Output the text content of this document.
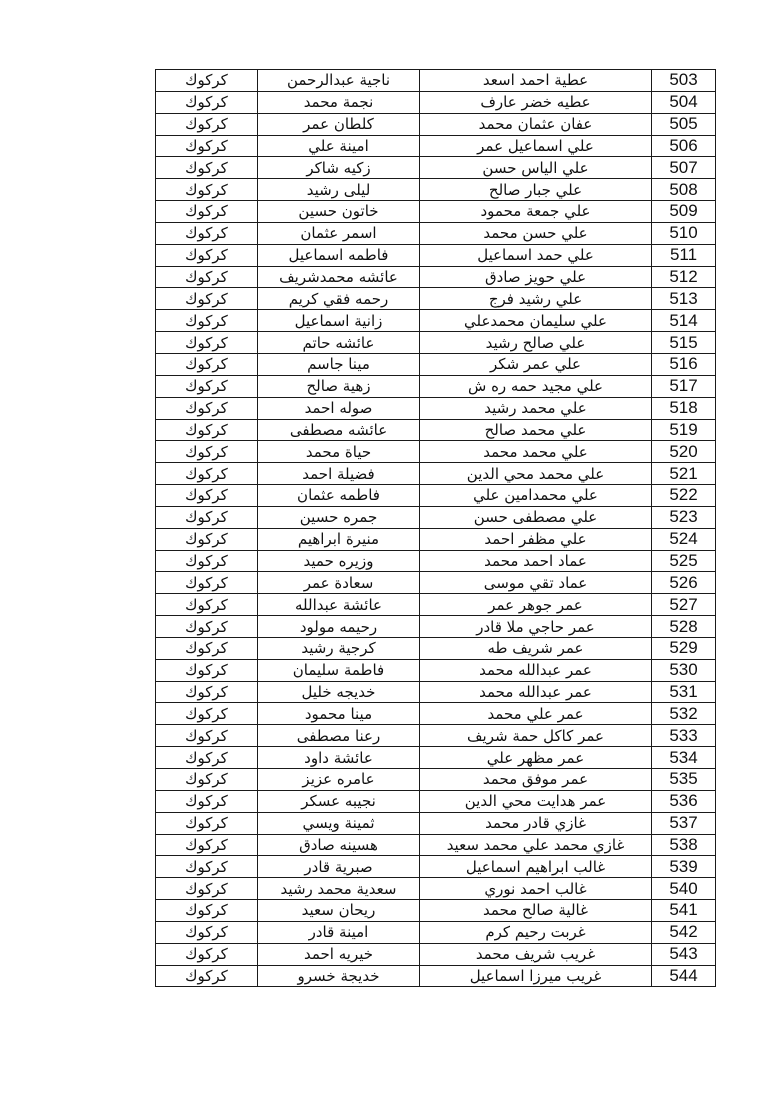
كركوك	ناجية عبدالرحمن	عطية احمد اسعد	503
كركوك	نجمة محمد	عطيه خضر عارف	504
كركوك	كلطان عمر	عفان عثمان محمد	505
كركوك	امينة علي	علي اسماعيل عمر	506
كركوك	زكيه شاكر	علي الياس حسن	507
كركوك	ليلى رشيد	علي جبار صالح	508
كركوك	خاتون حسين	علي جمعة محمود	509
كركوك	اسمر عثمان	علي حسن محمد	510
كركوك	فاطمه اسماعيل	علي حمد اسماعيل	511
كركوك	عائشه محمدشريف	علي حويز صادق	512
كركوك	رحمه فقي كريم	علي رشيد فرج	513
كركوك	زانية اسماعيل	علي سليمان محمدعلي	514
كركوك	عائشه حاتم	علي صالح رشيد	515
كركوك	مينا جاسم	علي عمر شكر	516
كركوك	زهية صالح	علي مجيد حمه ره ش	517
كركوك	صوله احمد	علي محمد رشيد	518
كركوك	عائشه مصطفى	علي محمد صالح	519
كركوك	حياة محمد	علي محمد محمد	520
كركوك	فضيلة احمد	علي محمد محي الدين	521
كركوك	فاطمه عثمان	علي محمدامين علي	522
كركوك	جمره حسين	علي مصطفى حسن	523
كركوك	منيرة ابراهيم	علي مظفر احمد	524
كركوك	وزيره حميد	عماد احمد محمد	525
كركوك	سعادة عمر	عماد تقي موسى	526
كركوك	عائشة عبدالله	عمر جوهر عمر	527
كركوك	رحيمه مولود	عمر حاجي ملا قادر	528
كركوك	كرجية رشيد	عمر شريف طه	529
كركوك	فاطمة سليمان	عمر عبدالله محمد	530
كركوك	خديجه خليل	عمر عبدالله محمد	531
كركوك	مينا محمود	عمر علي محمد	532
كركوك	رعنا مصطفى	عمر كاكل حمة شريف	533
كركوك	عائشة داود	عمر مظهر علي	534
كركوك	عامره عزيز	عمر موفق محمد	535
كركوك	نجيبه عسكر	عمر هدايت محي الدين	536
كركوك	ثمينة ويسي	غازي قادر محمد	537
كركوك	هسينه صادق	غازي محمد علي محمد سعيد	538
كركوك	صبرية قادر	غالب ابراهيم اسماعيل	539
كركوك	سعدية محمد رشيد	غالب احمد نوري	540
كركوك	ريحان سعيد	غالية صالح محمد	541
كركوك	امينة قادر	غربت رحيم كرم	542
كركوك	خيريه احمد	غريب شريف محمد	543
كركوك	خديجة خسرو	غريب ميرزا اسماعيل	544
